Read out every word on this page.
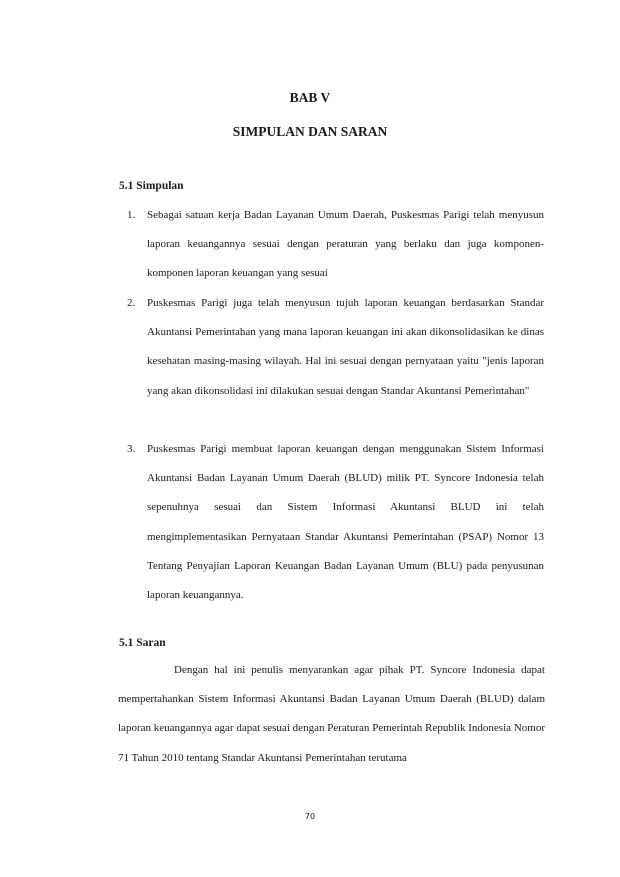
BAB V
SIMPULAN DAN SARAN
5.1 Simpulan
1. Sebagai satuan kerja Badan Layanan Umum Daerah, Puskesmas Parigi telah menyusun laporan keuangannya sesuai dengan peraturan yang berlaku dan juga komponen-komponen laporan keuangan yang sesuai
2. Puskesmas Parigi juga telah menyusun tujuh laporan keuangan berdasarkan Standar Akuntansi Pemerintahan yang mana laporan keuangan ini akan dikonsolidasikan ke dinas kesehatan masing-masing wilayah. Hal ini sesuai dengan pernyataan yaitu "jenis laporan yang akan dikonsolidasi ini dilakukan sesuai dengan Standar Akuntansi Pemerintahan"
3. Puskesmas Parigi membuat laporan keuangan dengan menggunakan Sistem Informasi Akuntansi Badan Layanan Umum Daerah (BLUD) milik PT. Syncore Indonesia telah sepenuhnya sesuai dan Sistem Informasi Akuntansi BLUD ini telah mengimplementasikan Pernyataan Standar Akuntansi Pemerintahan (PSAP) Nomor 13 Tentang Penyajian Laporan Keuangan Badan Layanan Umum (BLU) pada penyusunan laporan keuangannya.
5.1 Saran
Dengan hal ini penulis menyarankan agar pihak PT. Syncore Indonesia dapat mempertahankan Sistem Informasi Akuntansi Badan Layanan Umum Daerah (BLUD) dalam laporan keuangannya agar dapat sesuai dengan Peraturan Pemerintah Republik Indonesia Nomor 71 Tahun 2010 tentang Standar Akuntansi Pemerintahan terutama
70
